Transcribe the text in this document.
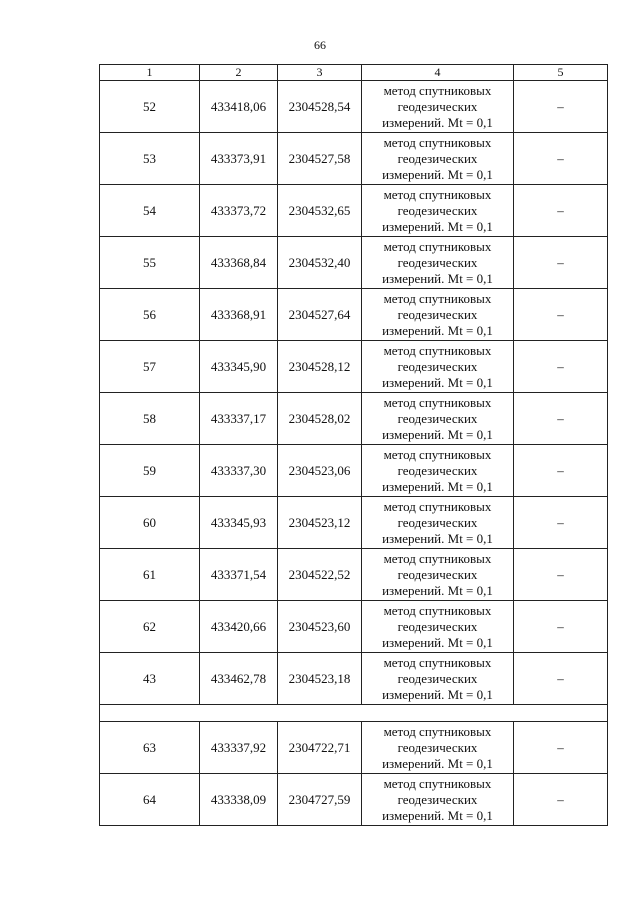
66
1	2	3	4	5
52	433418,06	2304528,54	метод спутниковых
геодезических
измерений. Mt = 0,1	–
53	433373,91	2304527,58	метод спутниковых
геодезических
измерений. Mt = 0,1	–
54	433373,72	2304532,65	метод спутниковых
геодезических
измерений. Mt = 0,1	–
55	433368,84	2304532,40	метод спутниковых
геодезических
измерений. Mt = 0,1	–
56	433368,91	2304527,64	метод спутниковых
геодезических
измерений. Mt = 0,1	–
57	433345,90	2304528,12	метод спутниковых
геодезических
измерений. Mt = 0,1	–
58	433337,17	2304528,02	метод спутниковых
геодезических
измерений. Mt = 0,1	–
59	433337,30	2304523,06	метод спутниковых
геодезических
измерений. Mt = 0,1	–
60	433345,93	2304523,12	метод спутниковых
геодезических
измерений. Mt = 0,1	–
61	433371,54	2304522,52	метод спутниковых
геодезических
измерений. Mt = 0,1	–
62	433420,66	2304523,60	метод спутниковых
геодезических
измерений. Mt = 0,1	–
43	433462,78	2304523,18	метод спутниковых
геодезических
измерений. Mt = 0,1	–

63	433337,92	2304722,71	метод спутниковых
геодезических
измерений. Mt = 0,1	–
64	433338,09	2304727,59	метод спутниковых
геодезических
измерений. Mt = 0,1	–
